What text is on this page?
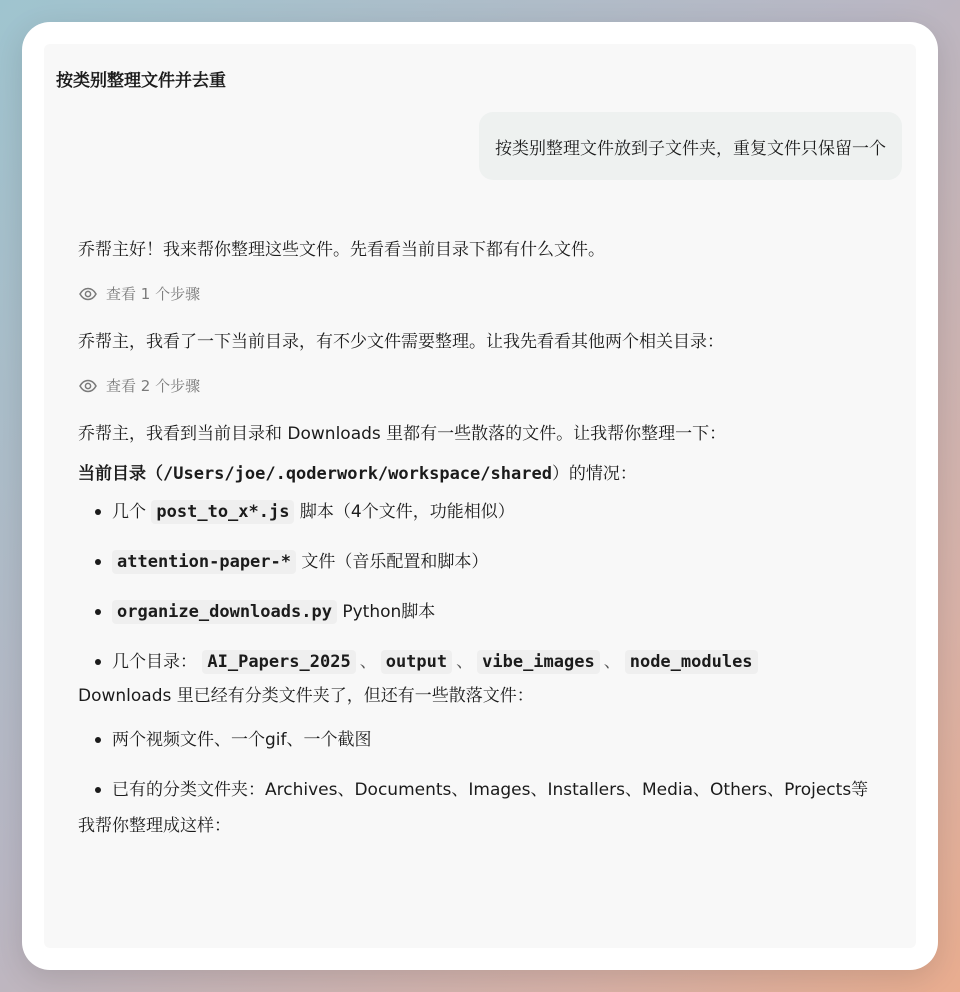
按类别整理文件并去重
按类别整理文件放到子文件夹，重复文件只保留一个
乔帮主好！我来帮你整理这些文件。先看看当前目录下都有什么文件。
查看 1 个步骤
乔帮主，我看了一下当前目录，有不少文件需要整理。让我先看看其他两个相关目录：
查看 2 个步骤
乔帮主，我看到当前目录和 Downloads 里都有一些散落的文件。让我帮你整理一下：
当前目录（/Users/joe/.qoderwork/workspace/shared）的情况：
几个 post_to_x*.js 脚本（4个文件，功能相似）
attention-paper-* 文件（音乐配置和脚本）
organize_downloads.py Python脚本
几个目录： AI_Papers_2025 、 output 、 vibe_images 、 node_modules
Downloads 里已经有分类文件夹了，但还有一些散落文件：
两个视频文件、一个gif、一个截图
已有的分类文件夹：Archives、Documents、Images、Installers、Media、Others、Projects等
我帮你整理成这样：
